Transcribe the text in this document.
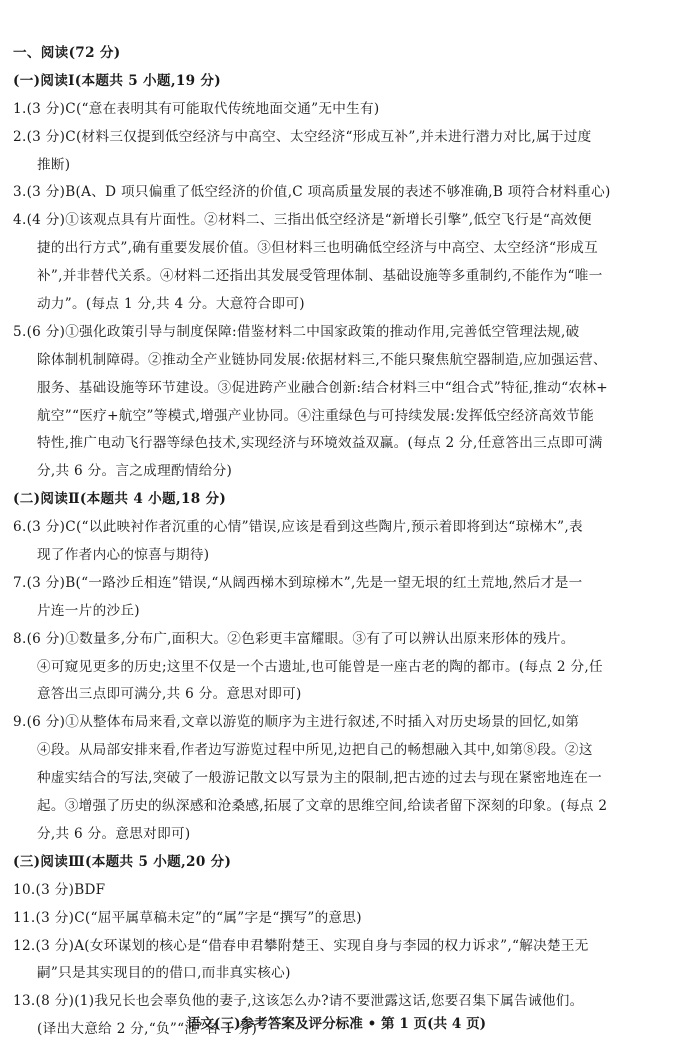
一、阅读(72 分)
(一)阅读Ⅰ(本题共 5 小题,19 分)
1.(3 分)C(“意在表明其有可能取代传统地面交通”无中生有)
2.(3 分)C(材料三仅提到低空经济与中高空、太空经济“形成互补”,并未进行潜力对比,属于过度
推断)
3.(3 分)B(A、D 项只偏重了低空经济的价值,C 项高质量发展的表述不够准确,B 项符合材料重心)
4.(4 分)①该观点具有片面性。②材料二、三指出低空经济是“新增长引擎”,低空飞行是“高效便
捷的出行方式”,确有重要发展价值。③但材料三也明确低空经济与中高空、太空经济“形成互
补”,并非替代关系。④材料二还指出其发展受管理体制、基础设施等多重制约,不能作为“唯一
动力”。(每点 1 分,共 4 分。大意符合即可)
5.(6 分)①强化政策引导与制度保障:借鉴材料二中国家政策的推动作用,完善低空管理法规,破
除体制机制障碍。②推动全产业链协同发展:依据材料三,不能只聚焦航空器制造,应加强运营、
服务、基础设施等环节建设。③促进跨产业融合创新:结合材料三中“组合式”特征,推动“农林+
航空”“医疗+航空”等模式,增强产业协同。④注重绿色与可持续发展:发挥低空经济高效节能
特性,推广电动飞行器等绿色技术,实现经济与环境效益双赢。(每点 2 分,任意答出三点即可满
分,共 6 分。言之成理酌情给分)
(二)阅读Ⅱ(本题共 4 小题,18 分)
6.(3 分)C(“以此映衬作者沉重的心情”错误,应该是看到这些陶片,预示着即将到达“琼梯木”,表
现了作者内心的惊喜与期待)
7.(3 分)B(“一路沙丘相连”错误,“从阔西梯木到琼梯木”,先是一望无垠的红土荒地,然后才是一
片连一片的沙丘)
8.(6 分)①数量多,分布广,面积大。②色彩更丰富耀眼。③有了可以辨认出原来形体的残片。
④可窥见更多的历史;这里不仅是一个古遗址,也可能曾是一座古老的陶的都市。(每点 2 分,任
意答出三点即可满分,共 6 分。意思对即可)
9.(6 分)①从整体布局来看,文章以游览的顺序为主进行叙述,不时插入对历史场景的回忆,如第
④段。从局部安排来看,作者边写游览过程中所见,边把自己的畅想融入其中,如第⑧段。②这
种虚实结合的写法,突破了一般游记散文以写景为主的限制,把古迹的过去与现在紧密地连在一
起。③增强了历史的纵深感和沧桑感,拓展了文章的思维空间,给读者留下深刻的印象。(每点 2
分,共 6 分。意思对即可)
(三)阅读Ⅲ(本题共 5 小题,20 分)
10.(3 分)BDF
11.(3 分)C(“屈平属草稿未定”的“属”字是“撰写”的意思)
12.(3 分)A(女环谋划的核心是“借春申君攀附楚王、实现自身与李园的权力诉求”,“解决楚王无
嗣”只是其实现目的的借口,而非真实核心)
13.(8 分)(1)我兄长也会辜负他的妻子,这该怎么办?请不要泄露这话,您要召集下属告诫他们。
(译出大意给 2 分,“负”“泄”各 1 分)
语文(三)参考答案及评分标准 • 第 1 页(共 4 页)
